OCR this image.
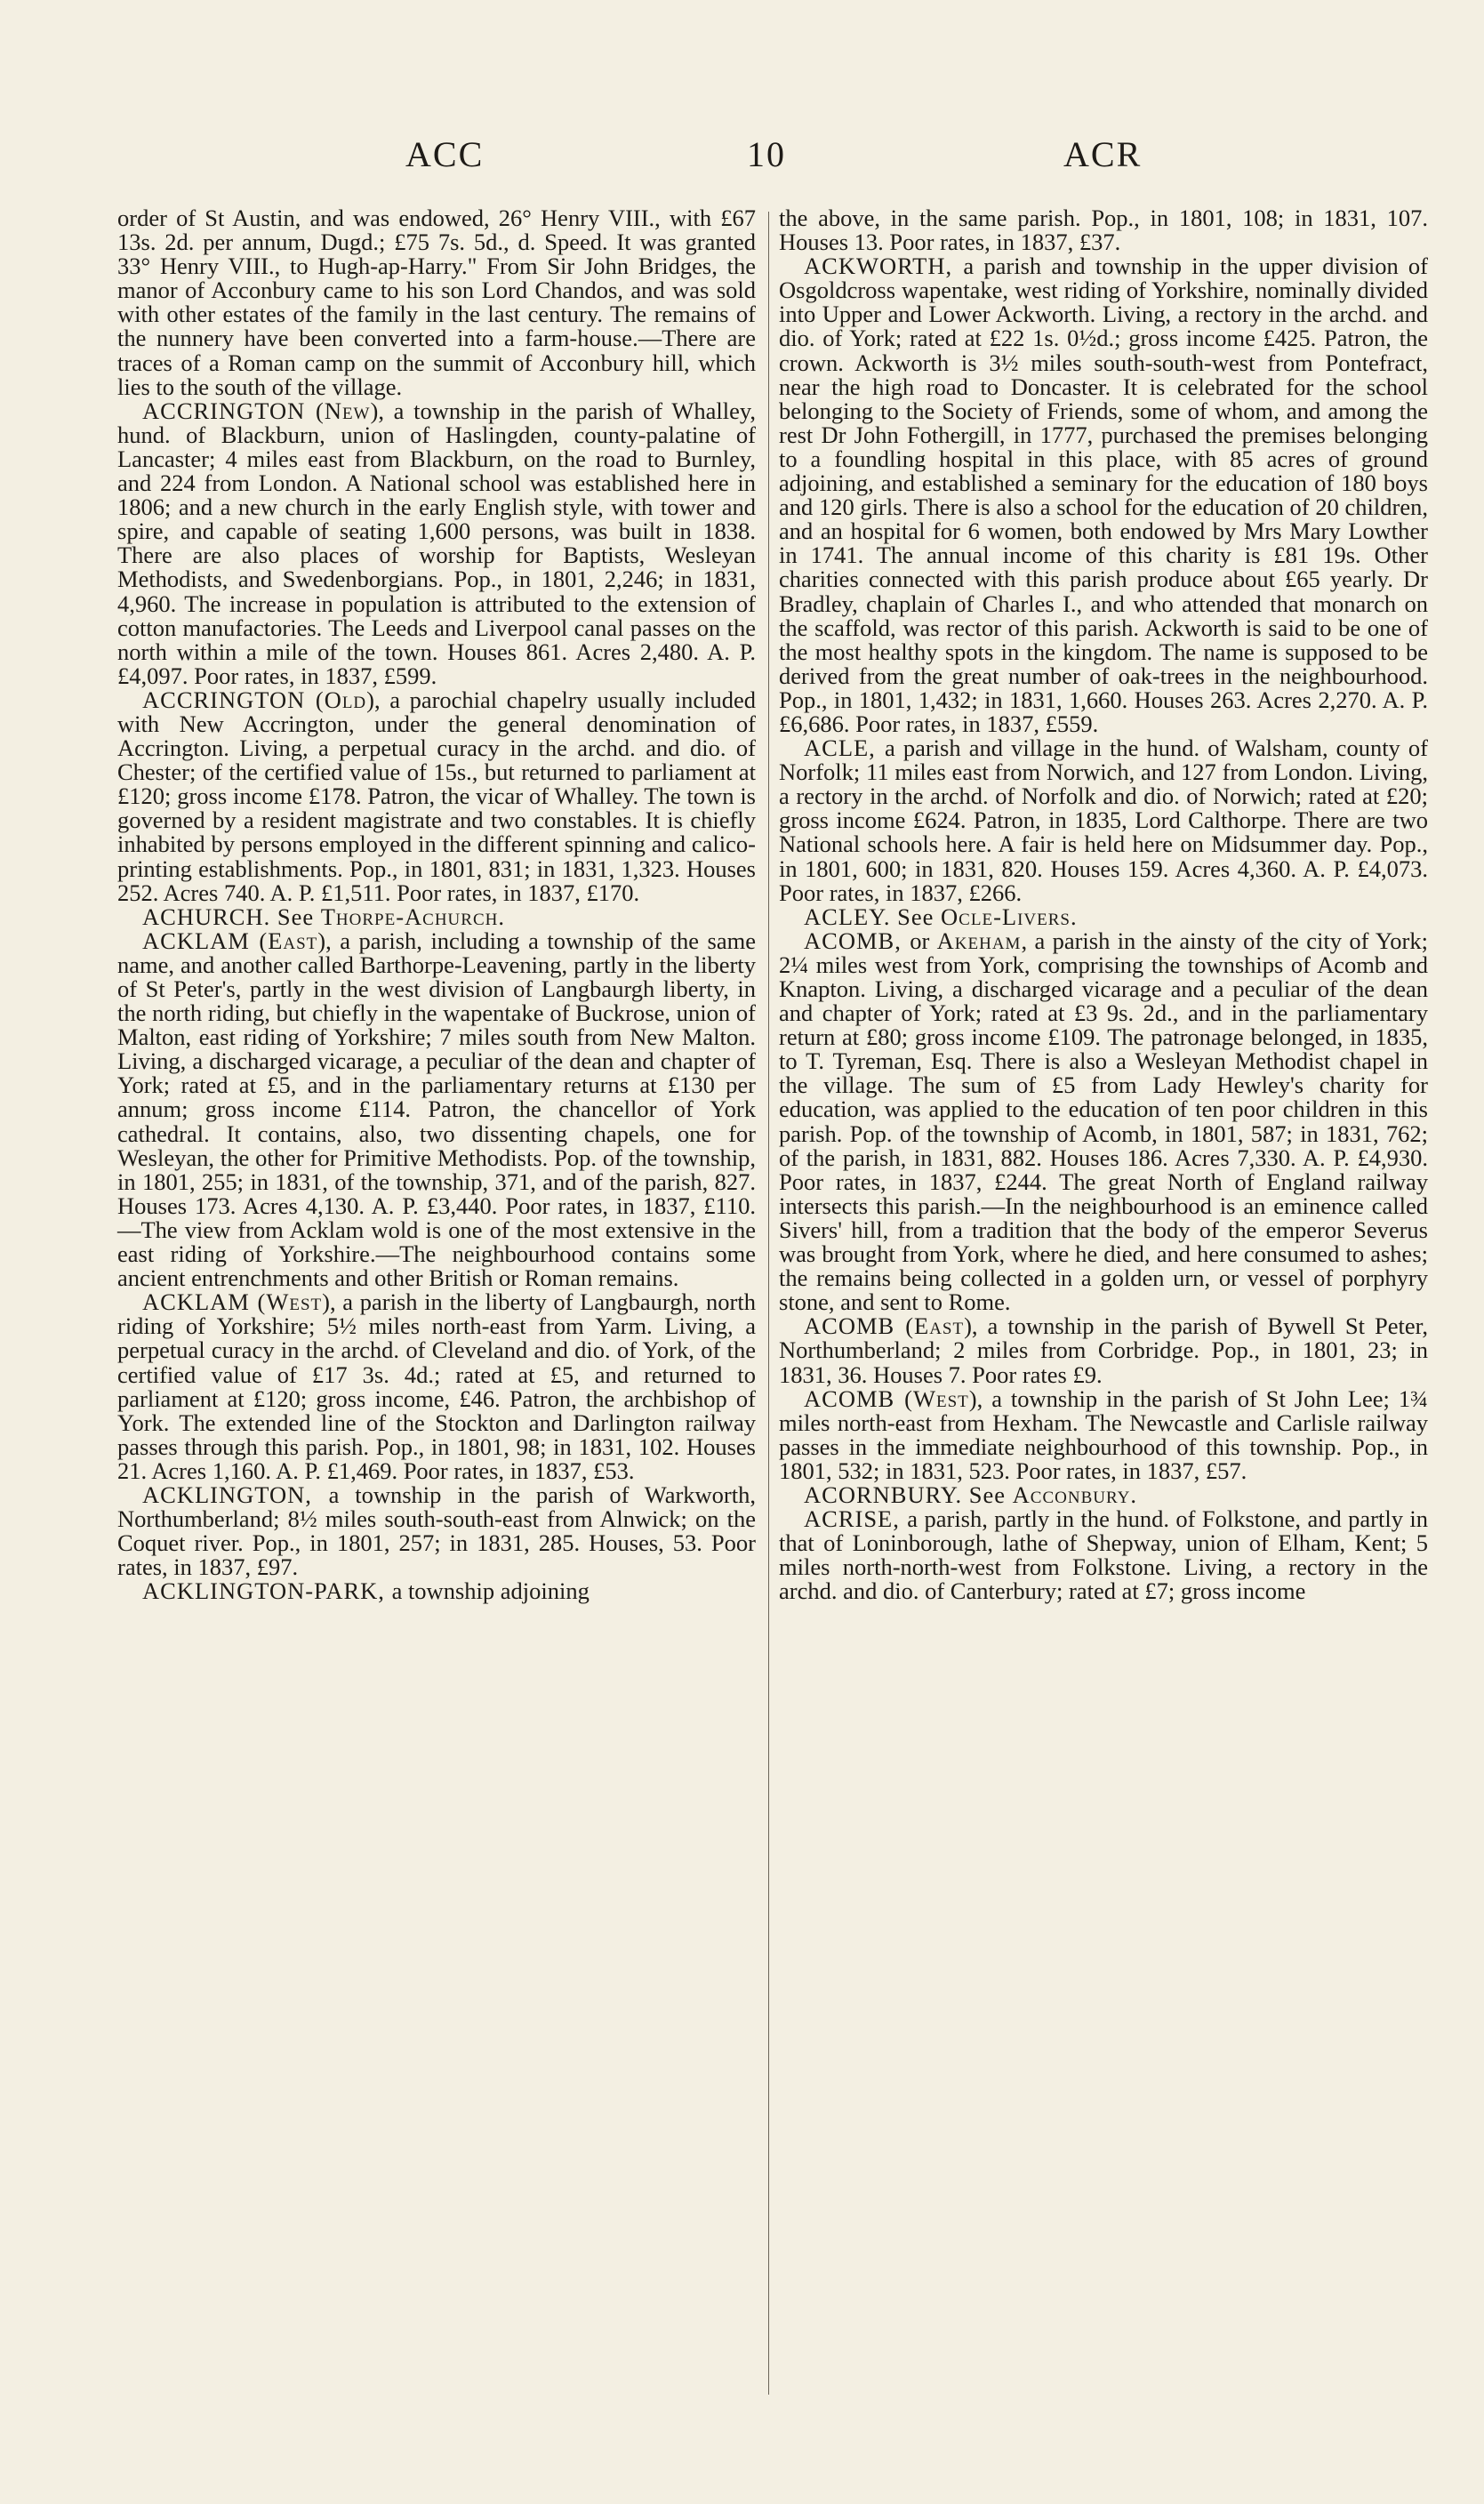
ACC	10	ACR

order of St Austin, and was endowed, 26° Henry VIII., with £67 13s. 2d. per annum, Dugd.; £75 7s. 5d., d. Speed. It was granted 33° Henry VIII., to Hugh-ap-Harry." From Sir John Bridges, the manor of Acconbury came to his son Lord Chandos, and was sold with other estates of the family in the last century. The remains of the nunnery have been converted into a farm-house.—There are traces of a Roman camp on the summit of Acconbury hill, which lies to the south of the village.

ACCRINGTON (New), a township in the parish of Whalley, hund. of Blackburn, union of Haslingden, county-palatine of Lancaster; 4 miles east from Blackburn, on the road to Burnley, and 224 from London. A National school was established here in 1806; and a new church in the early English style, with tower and spire, and capable of seating 1,600 persons, was built in 1838. There are also places of worship for Baptists, Wesleyan Methodists, and Swedenborgians. Pop., in 1801, 2,246; in 1831, 4,960. The increase in population is attributed to the extension of cotton manufactories. The Leeds and Liverpool canal passes on the north within a mile of the town. Houses 861. Acres 2,480. A. P. £4,097. Poor rates, in 1837, £599.

ACCRINGTON (Old), a parochial chapelry usually included with New Accrington, under the general denomination of Accrington. Living, a perpetual curacy in the archd. and dio. of Chester; of the certified value of 15s., but returned to parliament at £120; gross income £178. Patron, the vicar of Whalley. The town is governed by a resident magistrate and two constables. It is chiefly inhabited by persons employed in the different spinning and calico-printing establishments. Pop., in 1801, 831; in 1831, 1,323. Houses 252. Acres 740. A. P. £1,511. Poor rates, in 1837, £170.

ACHURCH. See Thorpe-Achurch.

ACKLAM (East), a parish, including a township of the same name, and another called Barthorpe-Leavening, partly in the liberty of St Peter's, partly in the west division of Langbaurgh liberty, in the north riding, but chiefly in the wapentake of Buckrose, union of Malton, east riding of Yorkshire; 7 miles south from New Malton. Living, a discharged vicarage, a peculiar of the dean and chapter of York; rated at £5, and in the parliamentary returns at £130 per annum; gross income £114. Patron, the chancellor of York cathedral. It contains, also, two dissenting chapels, one for Wesleyan, the other for Primitive Methodists. Pop. of the township, in 1801, 255; in 1831, of the township, 371, and of the parish, 827. Houses 173. Acres 4,130. A. P. £3,440. Poor rates, in 1837, £110.—The view from Acklam wold is one of the most extensive in the east riding of Yorkshire.—The neighbourhood contains some ancient entrenchments and other British or Roman remains.

ACKLAM (West), a parish in the liberty of Langbaurgh, north riding of Yorkshire; 5½ miles north-east from Yarm. Living, a perpetual curacy in the archd. of Cleveland and dio. of York, of the certified value of £17 3s. 4d.; rated at £5, and returned to parliament at £120; gross income, £46. Patron, the archbishop of York. The extended line of the Stockton and Darlington railway passes through this parish. Pop., in 1801, 98; in 1831, 102. Houses 21. Acres 1,160. A. P. £1,469. Poor rates, in 1837, £53.

ACKLINGTON, a township in the parish of Warkworth, Northumberland; 8½ miles south-south-east from Alnwick; on the Coquet river. Pop., in 1801, 257; in 1831, 285. Houses, 53. Poor rates, in 1837, £97.

ACKLINGTON-PARK, a township adjoining

the above, in the same parish. Pop., in 1801, 108; in 1831, 107. Houses 13. Poor rates, in 1837, £37.

ACKWORTH, a parish and township in the upper division of Osgoldcross wapentake, west riding of Yorkshire, nominally divided into Upper and Lower Ackworth. Living, a rectory in the archd. and dio. of York; rated at £22 1s. 0½d.; gross income £425. Patron, the crown. Ackworth is 3½ miles south-south-west from Pontefract, near the high road to Doncaster. It is celebrated for the school belonging to the Society of Friends, some of whom, and among the rest Dr John Fothergill, in 1777, purchased the premises belonging to a foundling hospital in this place, with 85 acres of ground adjoining, and established a seminary for the education of 180 boys and 120 girls. There is also a school for the education of 20 children, and an hospital for 6 women, both endowed by Mrs Mary Lowther in 1741. The annual income of this charity is £81 19s. Other charities connected with this parish produce about £65 yearly. Dr Bradley, chaplain of Charles I., and who attended that monarch on the scaffold, was rector of this parish. Ackworth is said to be one of the most healthy spots in the kingdom. The name is supposed to be derived from the great number of oak-trees in the neighbourhood. Pop., in 1801, 1,432; in 1831, 1,660. Houses 263. Acres 2,270. A. P. £6,686. Poor rates, in 1837, £559.

ACLE, a parish and village in the hund. of Walsham, county of Norfolk; 11 miles east from Norwich, and 127 from London. Living, a rectory in the archd. of Norfolk and dio. of Norwich; rated at £20; gross income £624. Patron, in 1835, Lord Calthorpe. There are two National schools here. A fair is held here on Midsummer day. Pop., in 1801, 600; in 1831, 820. Houses 159. Acres 4,360. A. P. £4,073. Poor rates, in 1837, £266.

ACLEY. See Ocle-Livers.

ACOMB, or Akeham, a parish in the ainsty of the city of York; 2¼ miles west from York, comprising the townships of Acomb and Knapton. Living, a discharged vicarage and a peculiar of the dean and chapter of York; rated at £3 9s. 2d., and in the parliamentary return at £80; gross income £109. The patronage belonged, in 1835, to T. Tyreman, Esq. There is also a Wesleyan Methodist chapel in the village. The sum of £5 from Lady Hewley's charity for education, was applied to the education of ten poor children in this parish. Pop. of the township of Acomb, in 1801, 587; in 1831, 762; of the parish, in 1831, 882. Houses 186. Acres 7,330. A. P. £4,930. Poor rates, in 1837, £244. The great North of England railway intersects this parish.—In the neighbourhood is an eminence called Sivers' hill, from a tradition that the body of the emperor Severus was brought from York, where he died, and here consumed to ashes; the remains being collected in a golden urn, or vessel of porphyry stone, and sent to Rome.

ACOMB (East), a township in the parish of Bywell St Peter, Northumberland; 2 miles from Corbridge. Pop., in 1801, 23; in 1831, 36. Houses 7. Poor rates £9.

ACOMB (West), a township in the parish of St John Lee; 1¾ miles north-east from Hexham. The Newcastle and Carlisle railway passes in the immediate neighbourhood of this township. Pop., in 1801, 532; in 1831, 523. Poor rates, in 1837, £57.

ACORNBURY. See Acconbury.

ACRISE, a parish, partly in the hund. of Folkstone, and partly in that of Loninborough, lathe of Shepway, union of Elham, Kent; 5 miles north-north-west from Folkstone. Living, a rectory in the archd. and dio. of Canterbury; rated at £7; gross income
